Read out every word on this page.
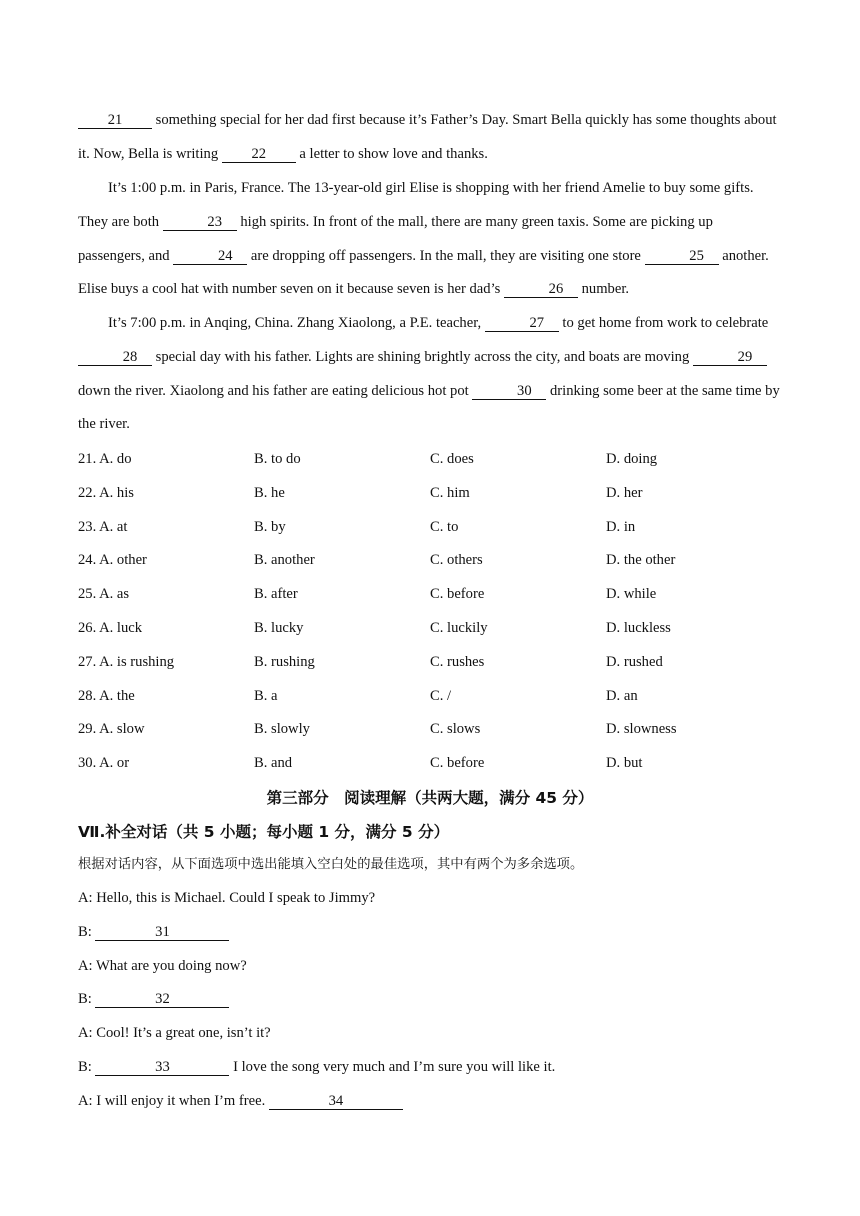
21 something special for her dad first because it’s Father’s Day. Smart Bella quickly has some thoughts about it. Now, Bella is writing 22 a letter to show love and thanks.
It’s 1:00 p.m. in Paris, France. The 13-year-old girl Elise is shopping with her friend Amelie to buy some gifts. They are both	23 high spirits. In front of the mall, there are many green taxis. Some are picking up passengers, and	24 are dropping off passengers. In the mall, they are visiting one store	25 another. Elise buys a cool hat with number seven on it because seven is her dad’s	26 number.
It’s 7:00 p.m. in Anqing, China. Zhang Xiaolong, a P.E. teacher,	27 to get home from work to celebrate 28 special day with his father. Lights are shining brightly across the city, and boats are moving	29 down the river. Xiaolong and his father are eating delicious hot pot	30 drinking some beer at the same time by the river.
21. A. do	B. to do	C. does	D. doing
22. A. his	B. he	C. him	D. her
23. A. at	B. by	C. to	D. in
24. A. other	B. another	C. others	D. the other
25. A. as	B. after	C. before	D. while
26. A. luck	B. lucky	C. luckily	D. luckless
27. A. is rushing	B. rushing	C. rushes	D. rushed
28. A. the	B. a	C. /	D. an
29. A. slow	B. slowly	C. slows	D. slowness
30. A. or	B. and	C. before	D. but
第三部分　阅读理解（共两大题，满分 45 分）
Ⅶ.补全对话（共 5 小题；每小题 1 分，满分 5 分）
根据对话内容，从下面选项中选出能填入空白处的最佳选项，其中有两个为多余选项。
A: Hello, this is Michael. Could I speak to Jimmy?
B:	31
A: What are you doing now?
B:	32
A: Cool! It’s a great one, isn’t it?
B:	33	I love the song very much and I’m sure you will like it.
A: I will enjoy it when I’m free.	34
